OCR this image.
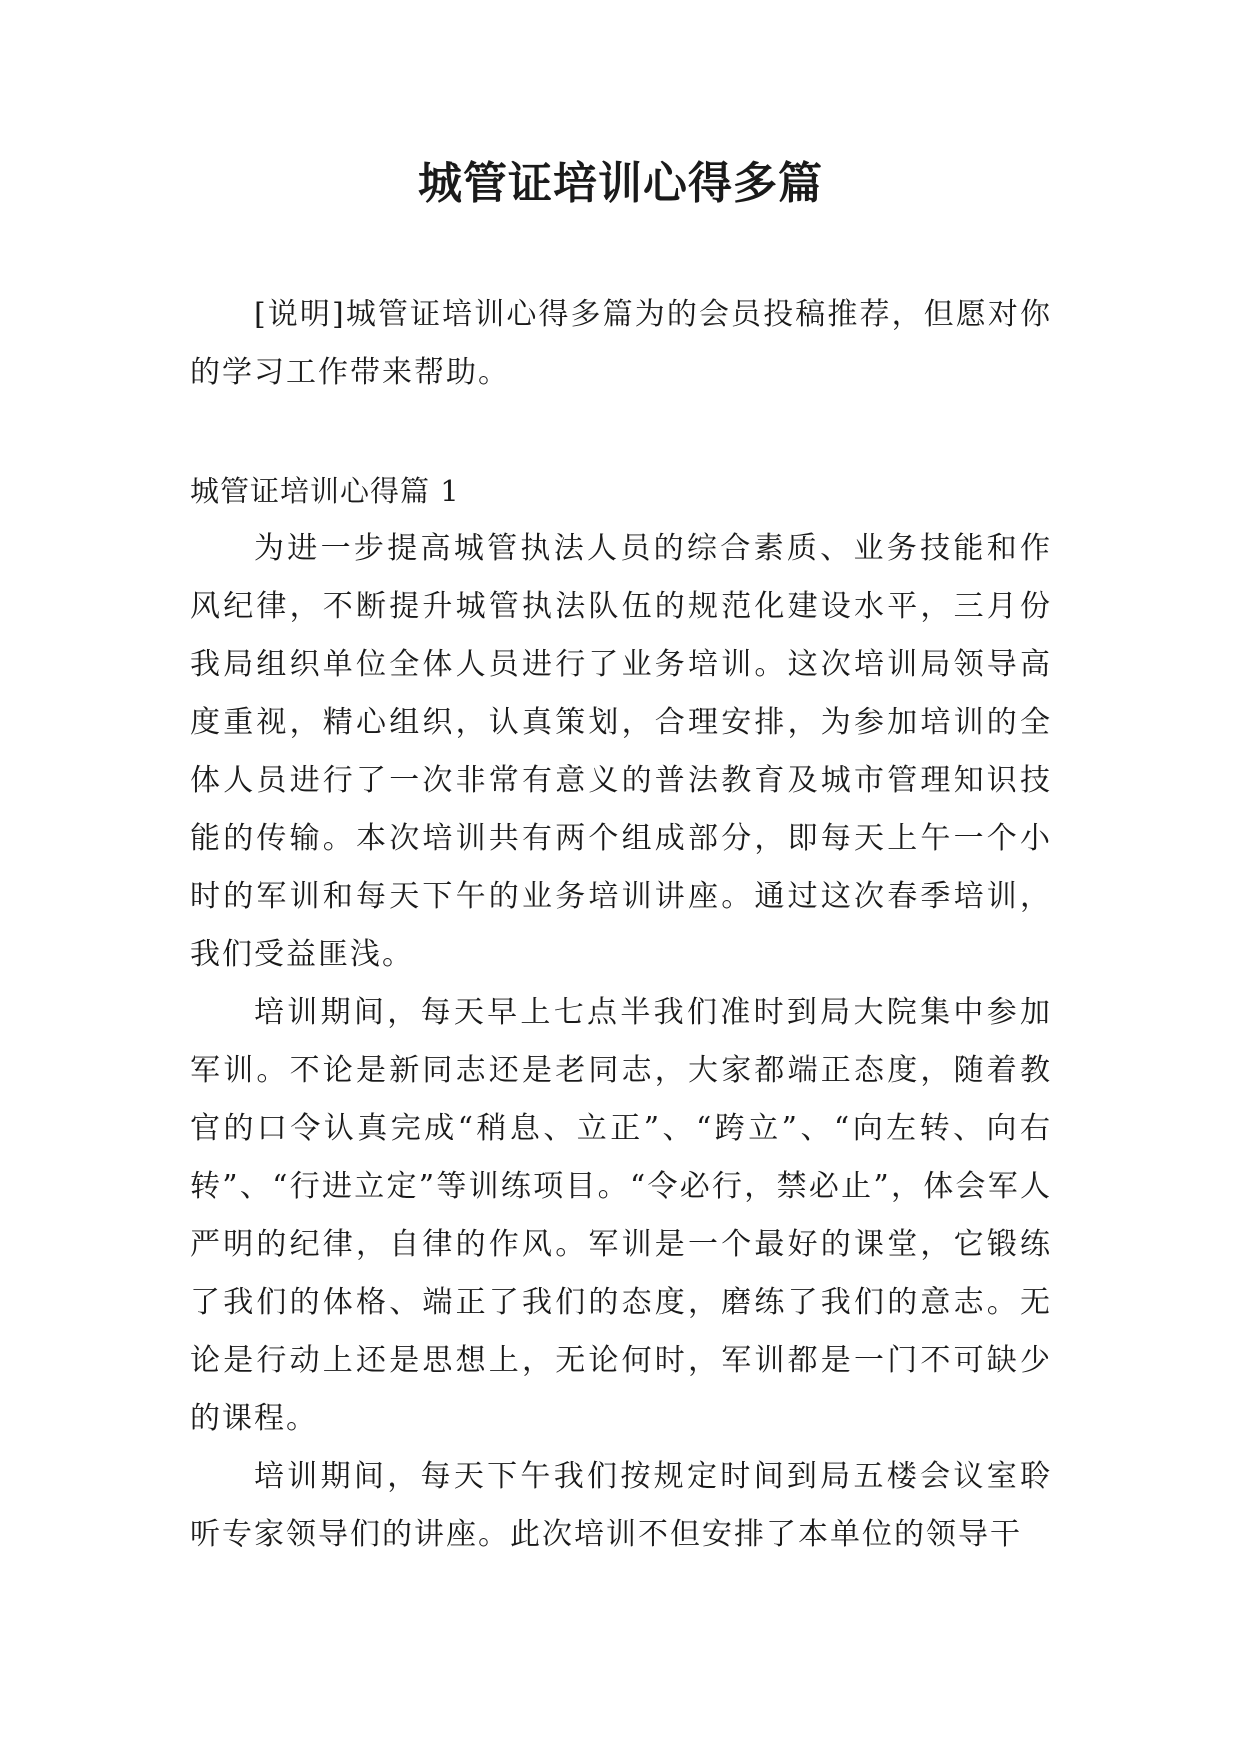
城管证培训心得多篇

[说明]城管证培训心得多篇为的会员投稿推荐，但愿对你的学习工作带来帮助。

城管证培训心得篇 1

为进一步提高城管执法人员的综合素质、业务技能和作风纪律，不断提升城管执法队伍的规范化建设水平，三月份我局组织单位全体人员进行了业务培训。这次培训局领导高度重视，精心组织，认真策划，合理安排，为参加培训的全体人员进行了一次非常有意义的普法教育及城市管理知识技能的传输。本次培训共有两个组成部分，即每天上午一个小时的军训和每天下午的业务培训讲座。通过这次春季培训，我们受益匪浅。

培训期间，每天早上七点半我们准时到局大院集中参加军训。不论是新同志还是老同志，大家都端正态度，随着教官的口令认真完成“稍息、立正”、“跨立”、“向左转、向右转”、“行进立定”等训练项目。“令必行，禁必止”，体会军人严明的纪律，自律的作风。军训是一个最好的课堂，它锻练了我们的体格、端正了我们的态度，磨练了我们的意志。无论是行动上还是思想上，无论何时，军训都是一门不可缺少的课程。

培训期间，每天下午我们按规定时间到局五楼会议室聆听专家领导们的讲座。此次培训不但安排了本单位的领导干
